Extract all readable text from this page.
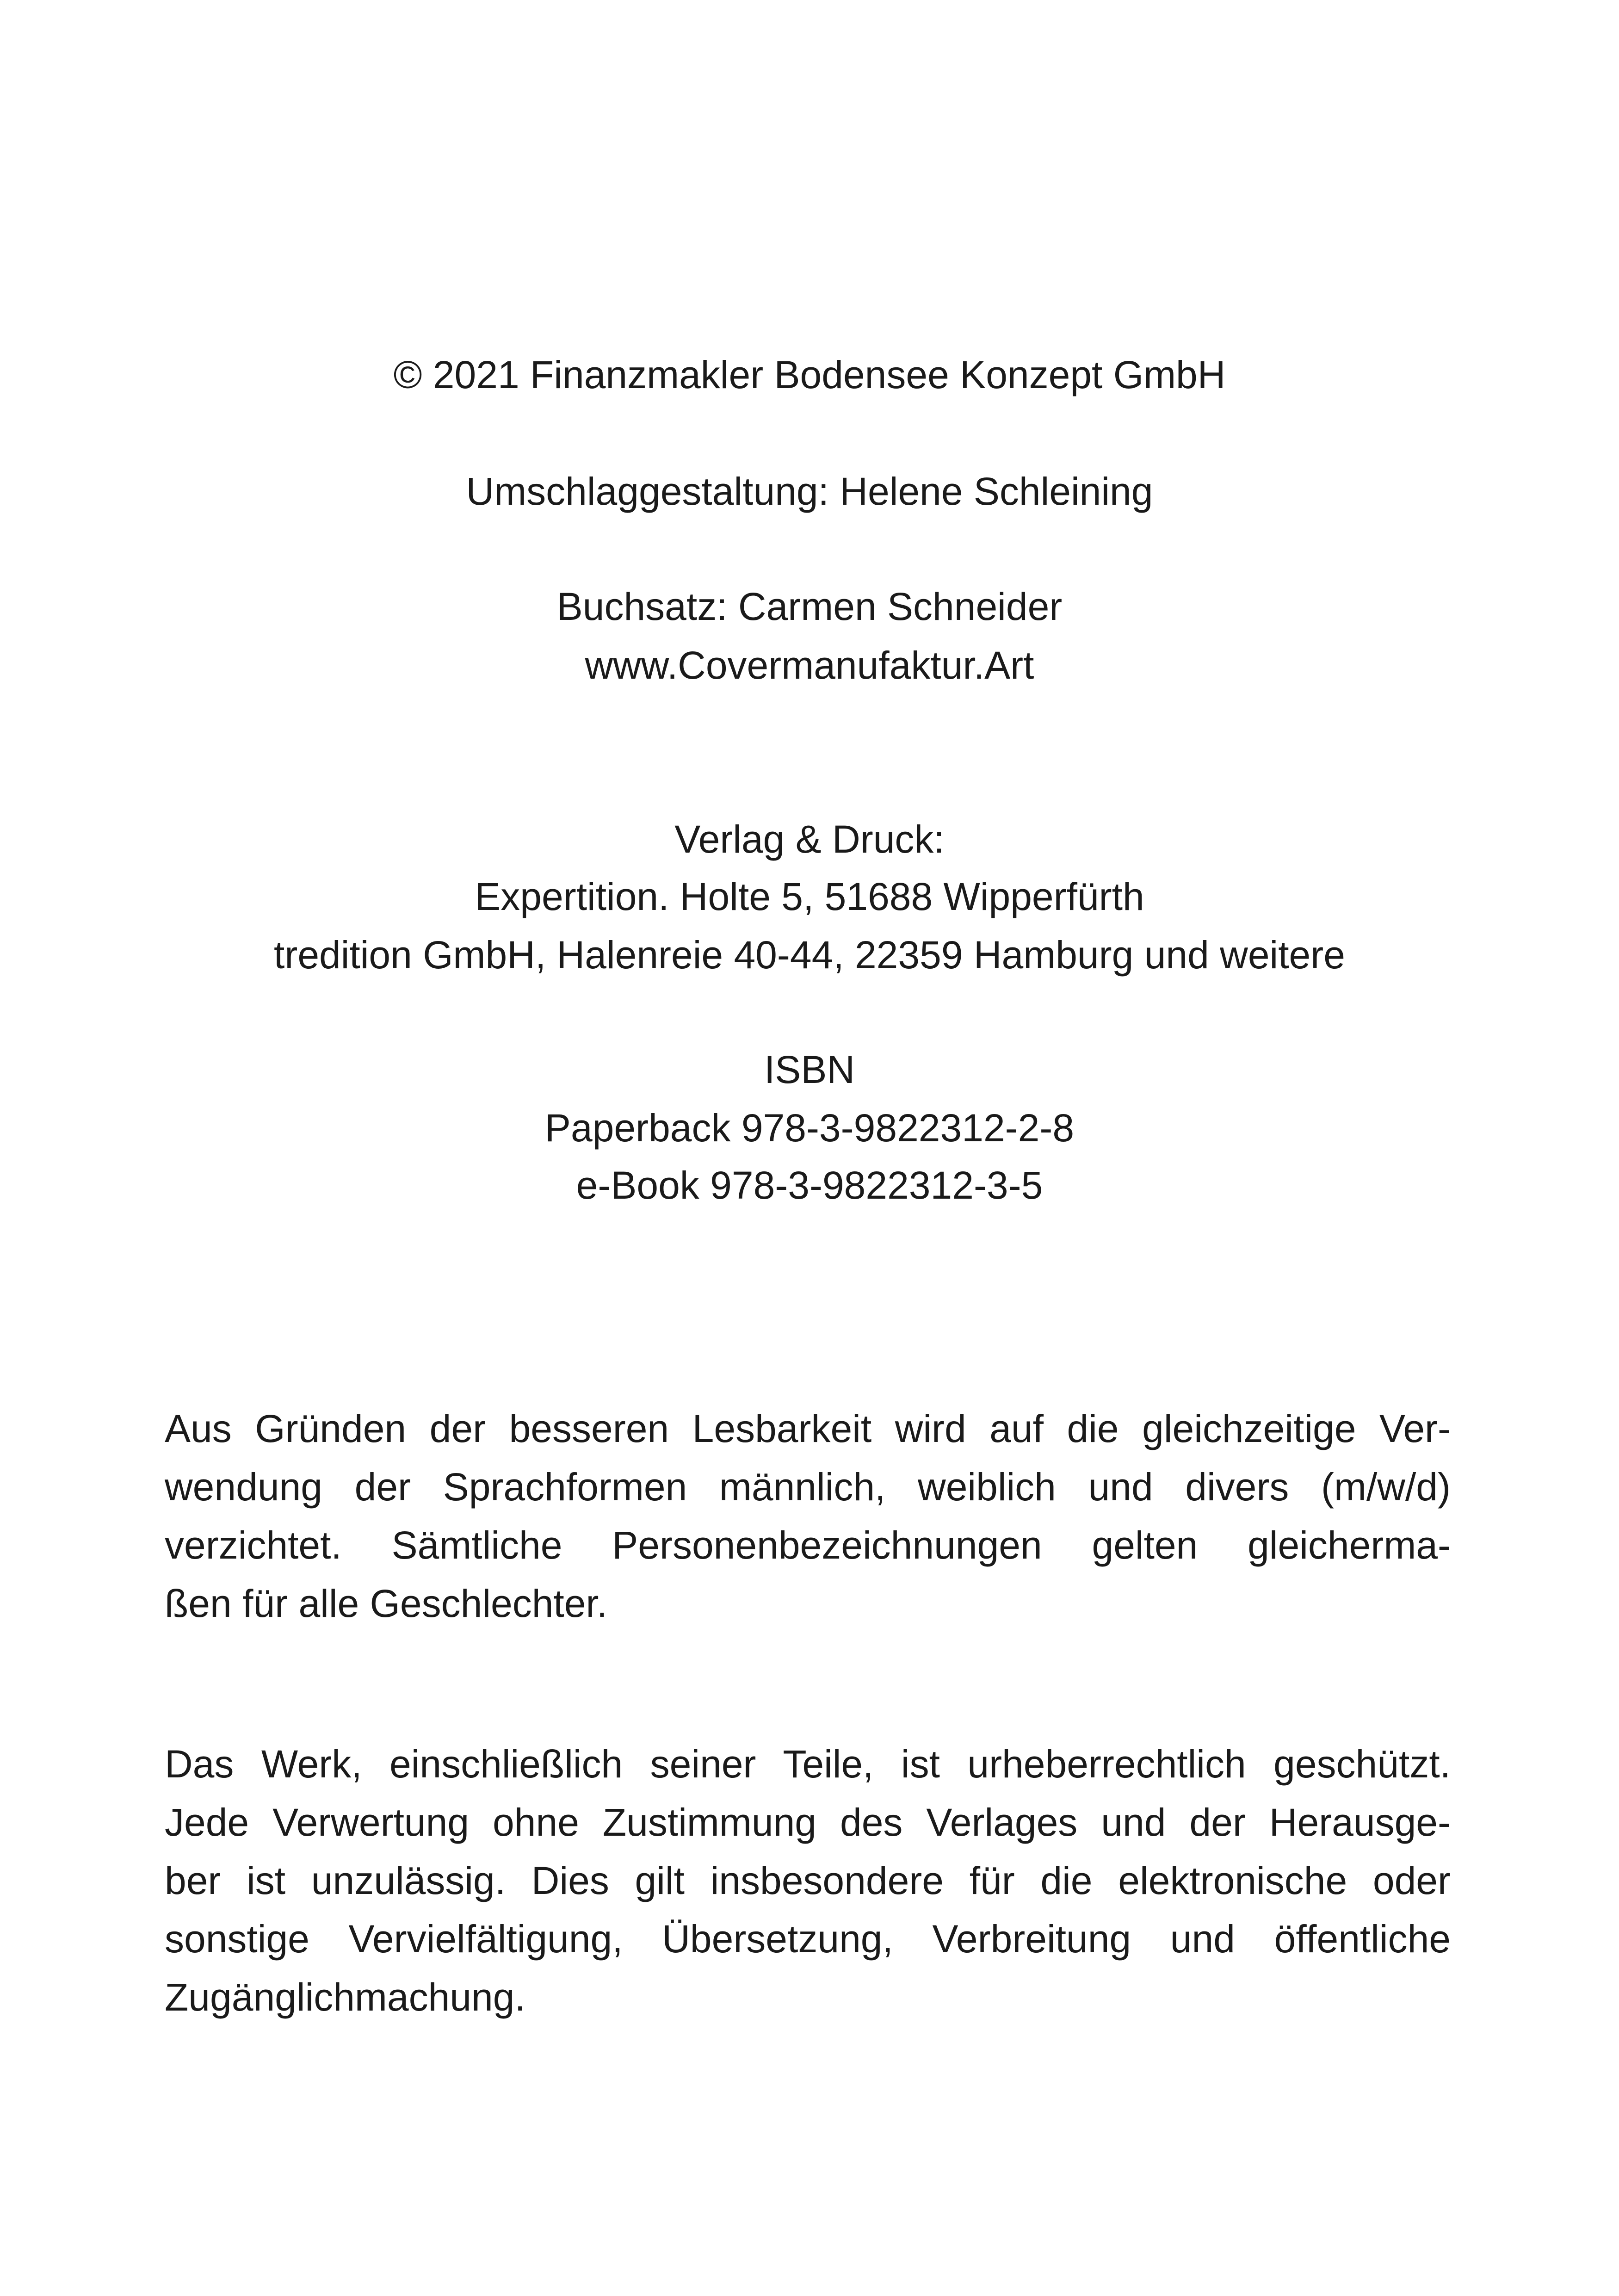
© 2021 Finanzmakler Bodensee Konzept GmbH

Umschlaggestaltung: Helene Schleining

Buchsatz: Carmen Schneider

www.Covermanufaktur.Art

Verlag & Druck:

Expertition. Holte 5, 51688 Wipperfürth

tredition GmbH, Halenreie 40-44, 22359 Hamburg und weitere

ISBN

Paperback 978-3-9822312-2-8

e-Book 978-3-9822312-3-5

Aus Gründen der besseren Lesbarkeit wird auf die gleichzeitige Ver-
wendung der Sprachformen männlich, weiblich und divers (m/w/d)
verzichtet. Sämtliche Personenbezeichnungen gelten gleicherma-
ßen für alle Geschlechter.
Das Werk, einschließlich seiner Teile, ist urheberrechtlich geschützt.
Jede Verwertung ohne Zustimmung des Verlages und der Herausge-
ber ist unzulässig. Dies gilt insbesondere für die elektronische oder
sonstige Vervielfältigung, Übersetzung, Verbreitung und öffentliche
Zugänglichmachung.
